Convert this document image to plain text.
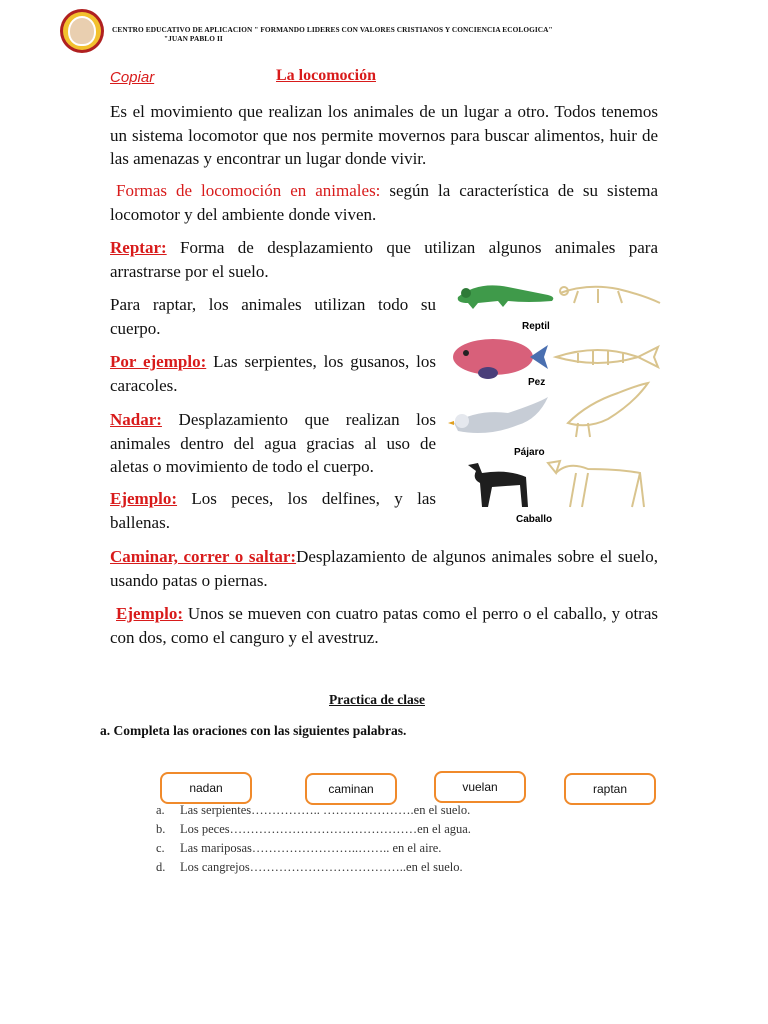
CENTRO EDUCATIVO DE APLICACION " FORMANDO LIDERES CON VALORES CRISTIANOS Y CONCIENCIA ECOLOGICA"
"JUAN PABLO II
Copiar	La locomoción
Es el movimiento que realizan los animales de un lugar a otro. Todos tenemos un sistema locomotor que nos permite movernos para buscar alimentos, huir de las amenazas y encontrar un lugar donde vivir.
Formas de locomoción en animales: según la característica de su sistema locomotor y del ambiente donde viven.
Reptar: Forma de desplazamiento que utilizan algunos animales para arrastrarse por el suelo.
Para raptar, los animales utilizan todo su cuerpo.
Por ejemplo: Las serpientes, los gusanos, los caracoles.
Nadar: Desplazamiento que realizan los animales dentro del agua gracias al uso de aletas o movimiento de todo el cuerpo.
Ejemplo: Los peces, los delfines, y las ballenas.
Caminar, correr o saltar:Desplazamiento de algunos animales sobre el suelo, usando patas o piernas.
Ejemplo: Unos se mueven con cuatro patas como el perro o el caballo, y otras con dos, como el canguro y el avestruz.
Reptil
Pez
Pájaro
Caballo
Practica de clase
a. Completa las oraciones con las siguientes palabras.
nadan	caminan	vuelan	raptan
a. Las serpientes…………….. ………………….en el suelo.
b. Los peces………………………………………en el agua.
c. Las mariposas……………………..…….. en el aire.
d. Los cangrejos………………………………..en el suelo.
